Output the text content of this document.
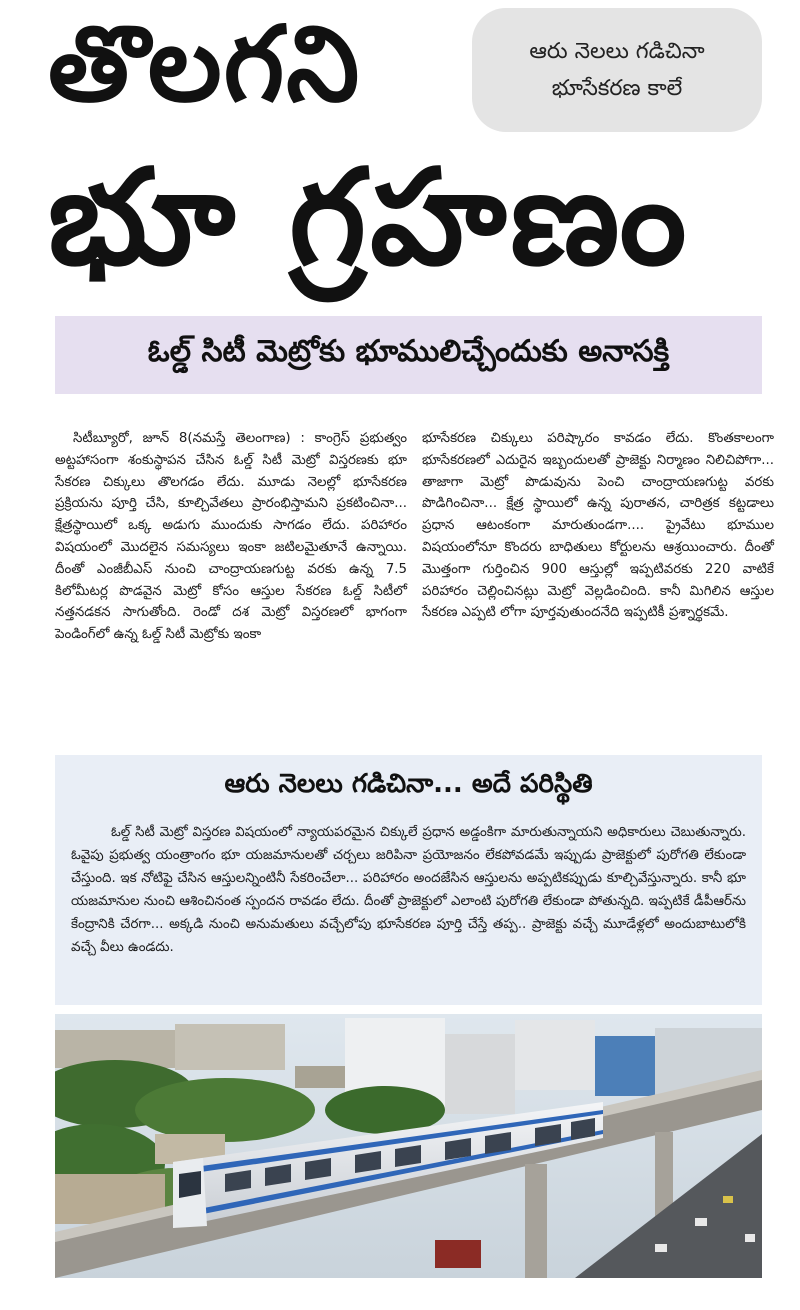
తొలగని
భూ గ్రహణం
ఆరు నెలలు గడిచినా
భూసేకరణ కాలే
ఓల్డ్ సిటీ మెట్రోకు భూములిచ్చేందుకు అనాసక్తి

సిటీబ్యూరో, జూన్ 8(నమస్తే తెలంగాణ) : కాంగ్రెస్ ప్రభుత్వం అట్టహాసంగా శంకుస్థాపన చేసిన ఓల్డ్ సిటీ మెట్రో విస్తరణకు భూ సేకరణ చిక్కులు తొలగడం లేదు. మూడు నెలల్లో భూసేకరణ ప్రక్రియను పూర్తి చేసి, కూల్చివేతలు ప్రారంభిస్తామని ప్రకటించినా... క్షేత్రస్థాయిలో ఒక్క అడుగు ముందుకు సాగడం లేదు. పరిహారం విషయంలో మొదలైన సమస్యలు ఇంకా జటిలమైతూనే ఉన్నాయి. దీంతో ఎంజీబీఎస్ నుంచి చాంద్రాయణగుట్ట వరకు ఉన్న 7.5 కిలోమీటర్ల పొడవైన మెట్రో కోసం ఆస్తుల సేకరణ ఓల్డ్ సిటీలో నత్తనడకన సాగుతోంది. రెండో దశ మెట్రో విస్తరణలో భాగంగా పెండింగ్‌లో ఉన్న ఓల్డ్ సిటీ మెట్రోకు ఇంకా

భూసేకరణ చిక్కులు పరిష్కారం కావడం లేదు. కొంతకాలంగా భూసేకరణలో ఎదురైన ఇబ్బందులతో ప్రాజెక్టు నిర్మాణం నిలిచిపోగా... తాజాగా మెట్రో పొడువును పెంచి చాంద్రాయణగుట్ట వరకు పొడిగించినా... క్షేత్ర స్థాయిలో ఉన్న పురాతన, చారిత్రక కట్టడాలు ప్రధాన ఆటంకంగా మారుతుండగా.... ప్రైవేటు భూముల విషయంలోనూ కొందరు బాధితులు కోర్టులను ఆశ్రయించారు. దీంతో మొత్తంగా గుర్తించిన 900 ఆస్తుల్లో ఇప్పటివరకు 220 వాటికే పరిహారం చెల్లించినట్లు మెట్రో వెల్లడించింది. కానీ మిగిలిన ఆస్తుల సేకరణ ఎప్పటి లోగా పూర్తవుతుందనేది ఇప్పటికీ ప్రశ్నార్థకమే.

ఆరు నెలలు గడిచినా... అదే పరిస్థితి

ఓల్డ్ సిటీ మెట్రో విస్తరణ విషయంలో న్యాయపరమైన చిక్కులే ప్రధాన అడ్డంకిగా మారుతున్నాయని అధికారులు చెబుతున్నారు. ఓవైపు ప్రభుత్వ యంత్రాంగం భూ యజమానులతో చర్చలు జరిపినా ప్రయోజనం లేకపోవడమే ఇప్పుడు ప్రాజెక్టులో పురోగతి లేకుండా చేస్తుంది. ఇక నోటిఫై చేసిన ఆస్తులన్నింటినీ సేకరించేలా... పరిహారం అందజేసిన ఆస్తులను అప్పటికప్పుడు కూల్చివేస్తున్నారు. కానీ భూ యజమానుల నుంచి ఆశించినంత స్పందన రావడం లేదు. దీంతో ప్రాజెక్టులో ఎలాంటి పురోగతి లేకుండా పోతున్నది. ఇప్పటికే డీపీఆర్‌ను కేంద్రానికి చేరగా... అక్కడి నుంచి అనుమతులు వచ్చేలోపు భూసేకరణ పూర్తి చేస్తే తప్ప.. ప్రాజెక్టు వచ్చే మూడేళ్లలో అందుబాటులోకి వచ్చే వీలు ఉండదు.
